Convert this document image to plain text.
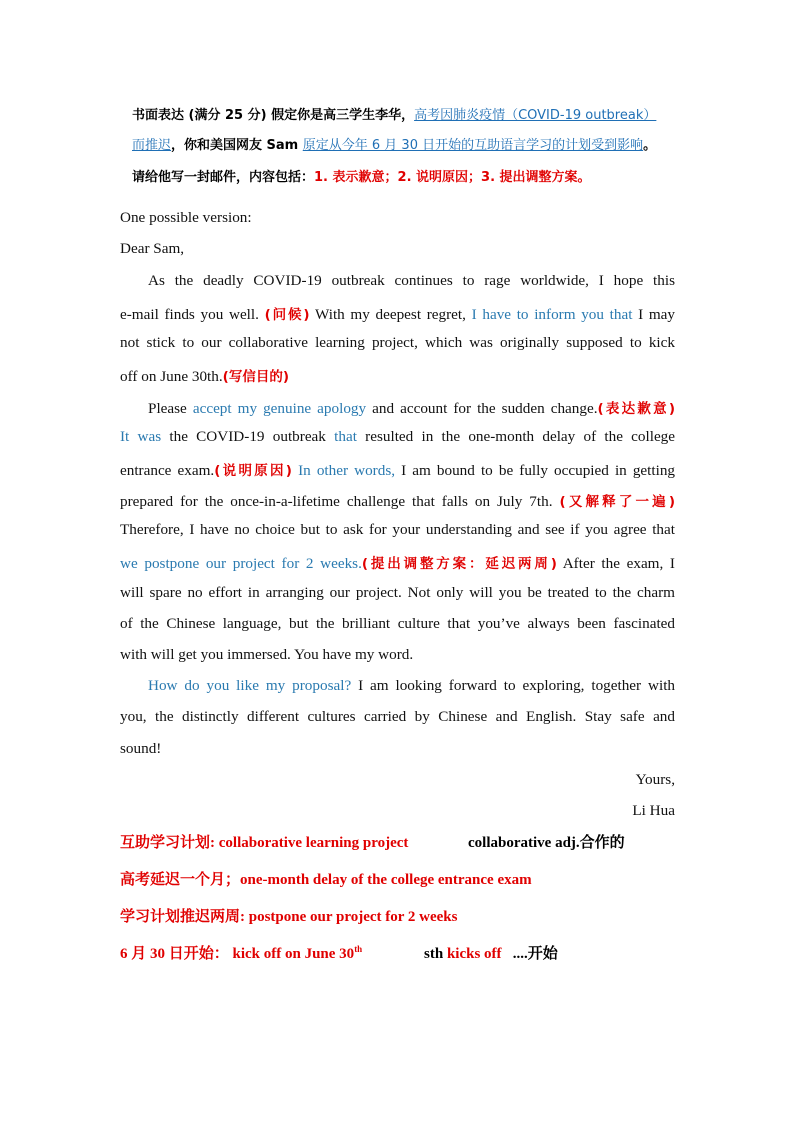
书面表达 (满分 25 分) 假定你是高三学生李华，高考因肺炎疫情（COVID-19 outbreak）
而推迟，你和美国网友 Sam 原定从今年 6 月 30 日开始的互助语言学习的计划受到影响。
请给他写一封邮件，内容包括：1. 表示歉意；2. 说明原因；3. 提出调整方案。
One possible version:
Dear Sam,
As the deadly COVID-19 outbreak continues to rage worldwide, I hope this
e-mail finds you well. (问候) With my deepest regret, I have to inform you that I may
not stick to our collaborative learning project, which was originally supposed to kick
off on June 30th.(写信目的)
Please accept my genuine apology and account for the sudden change.(表达歉意)
It was the COVID-19 outbreak that resulted in the one-month delay of the college
entrance exam.(说明原因) In other words, I am bound to be fully occupied in getting
prepared for the once-in-a-lifetime challenge that falls on July 7th. (又解释了一遍)
Therefore, I have no choice but to ask for your understanding and see if you agree that
we postpone our project for 2 weeks.(提出调整方案：延迟两周) After the exam, I
will spare no effort in arranging our project. Not only will you be treated to the charm
of the Chinese language, but the brilliant culture that you’ve always been fascinated
with will get you immersed. You have my word.
How do you like my proposal? I am looking forward to exploring, together with
you, the distinctly different cultures carried by Chinese and English. Stay safe and
sound!
Yours,
Li Hua
互助学习计划: collaborative learning project	collaborative adj.合作的
高考延迟一个月；one-month delay of the college entrance exam
学习计划推迟两周: postpone our project for 2 weeks
6 月 30 日开始： kick off on June 30th	sth kicks off ....开始
